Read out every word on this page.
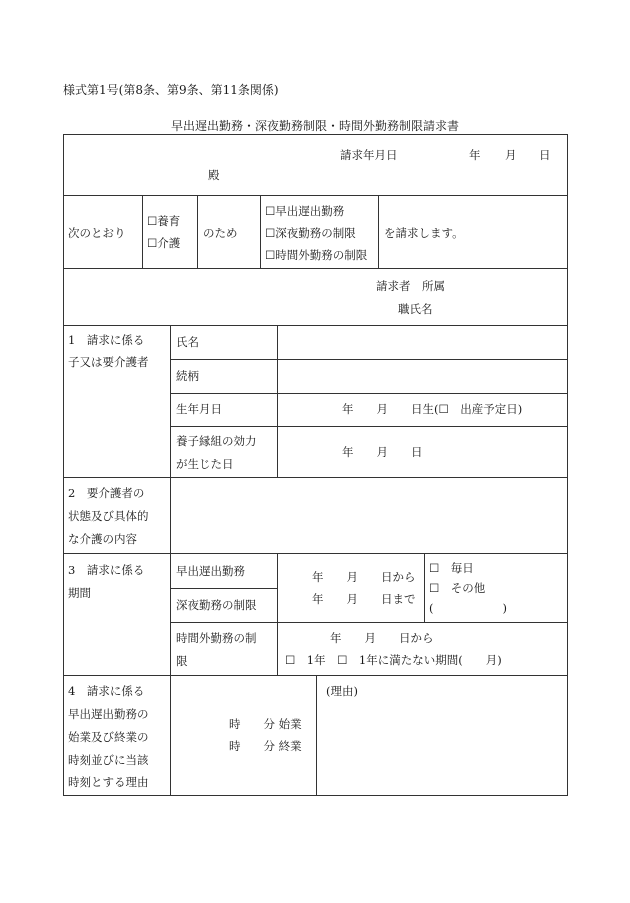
様式第1号(第8条、第9条、第11条関係)
早出遅出勤務・深夜勤務制限・時間外勤務制限請求書
請求年月日	年 月 日
殿
次のとおり
☐養育
☐介護
のため
☐早出遅出勤務
☐深夜勤務の制限
☐時間外勤務の制限
を請求します。
請求者 所属
職氏名
1　請求に係る
子又は要介護者
氏名
続柄
生年月日	年　　月　　日生(☐　出産予定日)
養子縁組の効力
が生じた日
年　　月　　日
2　要介護者の
状態及び具体的
な介護の内容
3　請求に係る
期間
早出遅出勤務
深夜勤務の制限
年　　月　　日から
年　　月　　日まで
☐　毎日
☐　その他
(　　　　　　)
時間外勤務の制
限
年　　月　　日から
☐　1年　☐　1年に満たない期間(　　月)
4　請求に係る
早出遅出勤務の
始業及び終業の
時刻並びに当該
時刻とする理由
時　　分 始業
時　　分 終業
(理由)
